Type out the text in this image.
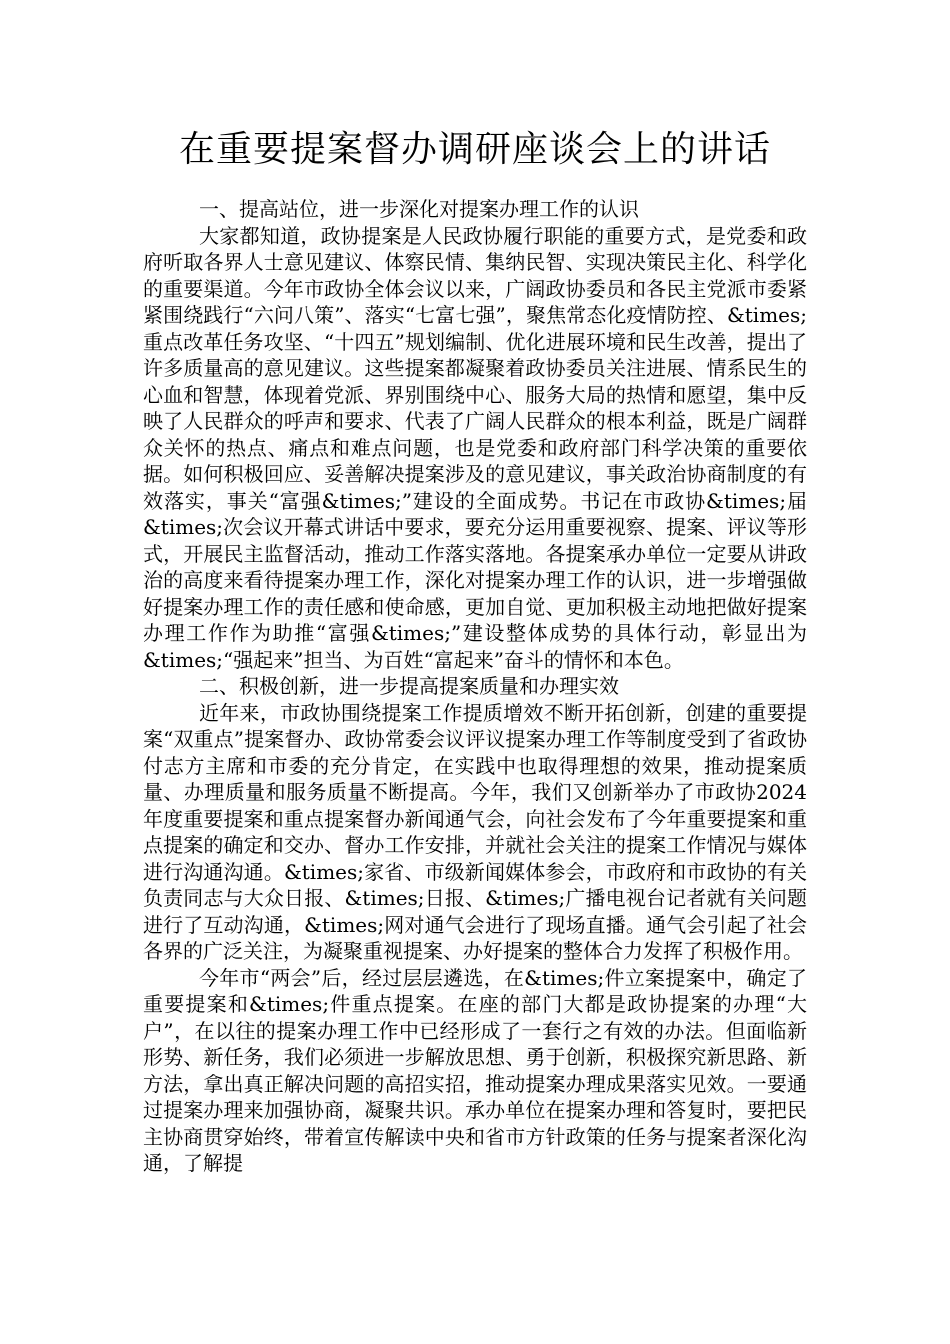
在重要提案督办调研座谈会上的讲话

一、提高站位，进一步深化对提案办理工作的认识

大家都知道，政协提案是人民政协履行职能的重要方式，是党委和政府听取各界人士意见建议、体察民情、集纳民智、实现决策民主化、科学化的重要渠道。今年市政协全体会议以来，广阔政协委员和各民主党派市委紧紧围绕践行“六问八策”、落实“七富七强”，聚焦常态化疫情防控、&times;重点改革任务攻坚、“十四五”规划编制、优化进展环境和民生改善，提出了许多质量高的意见建议。这些提案都凝聚着政协委员关注进展、情系民生的心血和智慧，体现着党派、界别围绕中心、服务大局的热情和愿望，集中反映了人民群众的呼声和要求、代表了广阔人民群众的根本利益，既是广阔群众关怀的热点、痛点和难点问题，也是党委和政府部门科学决策的重要依据。如何积极回应、妥善解决提案涉及的意见建议，事关政治协商制度的有效落实，事关“富强&times;”建设的全面成势。书记在市政协&times;届&times;次会议开幕式讲话中要求，要充分运用重要视察、提案、评议等形式，开展民主监督活动，推动工作落实落地。各提案承办单位一定要从讲政治的高度来看待提案办理工作，深化对提案办理工作的认识，进一步增强做好提案办理工作的责任感和使命感，更加自觉、更加积极主动地把做好提案办理工作作为助推“富强&times;”建设整体成势的具体行动，彰显出为&times;“强起来”担当、为百姓“富起来”奋斗的情怀和本色。

二、积极创新，进一步提高提案质量和办理实效

近年来，市政协围绕提案工作提质增效不断开拓创新，创建的重要提案“双重点”提案督办、政协常委会议评议提案办理工作等制度受到了省政协付志方主席和市委的充分肯定，在实践中也取得理想的效果，推动提案质量、办理质量和服务质量不断提高。今年，我们又创新举办了市政协2024年度重要提案和重点提案督办新闻通气会，向社会发布了今年重要提案和重点提案的确定和交办、督办工作安排，并就社会关注的提案工作情况与媒体进行沟通沟通。&times;家省、市级新闻媒体参会，市政府和市政协的有关负责同志与大众日报、&times;日报、&times;广播电视台记者就有关问题进行了互动沟通，&times;网对通气会进行了现场直播。通气会引起了社会各界的广泛关注，为凝聚重视提案、办好提案的整体合力发挥了积极作用。

今年市“两会”后，经过层层遴选，在&times;件立案提案中，确定了重要提案和&times;件重点提案。在座的部门大都是政协提案的办理“大户”，在以往的提案办理工作中已经形成了一套行之有效的办法。但面临新形势、新任务，我们必须进一步解放思想、勇于创新，积极探究新思路、新方法，拿出真正解决问题的高招实招，推动提案办理成果落实见效。一要通过提案办理来加强协商，凝聚共识。承办单位在提案办理和答复时，要把民主协商贯穿始终，带着宣传解读中央和省市方针政策的任务与提案者深化沟通，了解提
